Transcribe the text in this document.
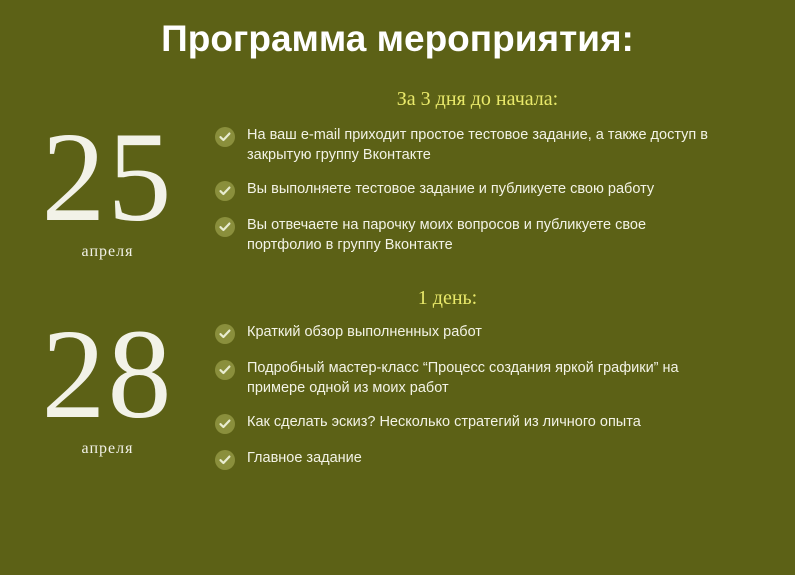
Программа мероприятия:
За 3 дня до начала:
25
апреля
На ваш e-mail приходит простое тестовое задание, а также доступ в закрытую группу Вконтакте
Вы выполняете тестовое задание и публикуете свою работу
Вы отвечаете на парочку моих вопросов и публикуете свое портфолио в группу Вконтакте
1 день:
28
апреля
Краткий обзор выполненных работ
Подробный мастер-класс “Процесс создания яркой графики” на примере одной из моих работ
Как сделать эскиз? Несколько стратегий из личного опыта
Главное задание
